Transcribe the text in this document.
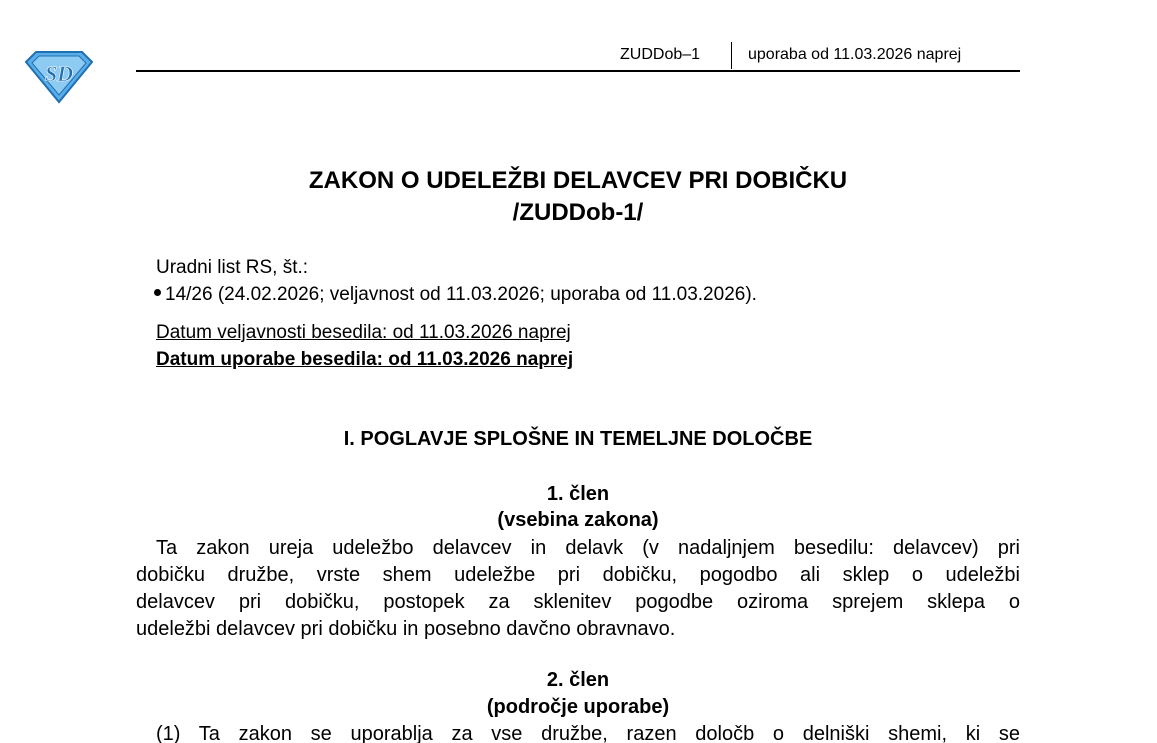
SD
ZUDDob–1	uporaba od 11.03.2026 naprej
ZAKON O UDELEŽBI DELAVCEV PRI DOBIČKU
/ZUDDob-1/
Uradni list RS, št.:
14/26 (24.02.2026; veljavnost od 11.03.2026; uporaba od 11.03.2026).
Datum veljavnosti besedila: od 11.03.2026 naprej
Datum uporabe besedila: od 11.03.2026 naprej
I. POGLAVJE SPLOŠNE IN TEMELJNE DOLOČBE
1. člen
(vsebina zakona)
Ta zakon ureja udeležbo delavcev in delavk (v nadaljnjem besedilu: delavcev) pri
dobičku družbe, vrste shem udeležbe pri dobičku, pogodbo ali sklep o udeležbi
delavcev pri dobičku, postopek za sklenitev pogodbe oziroma sprejem sklepa o
udeležbi delavcev pri dobičku in posebno davčno obravnavo.
2. člen
(področje uporabe)
(1) Ta zakon se uporablja za vse družbe, razen določb o delniški shemi, ki se
